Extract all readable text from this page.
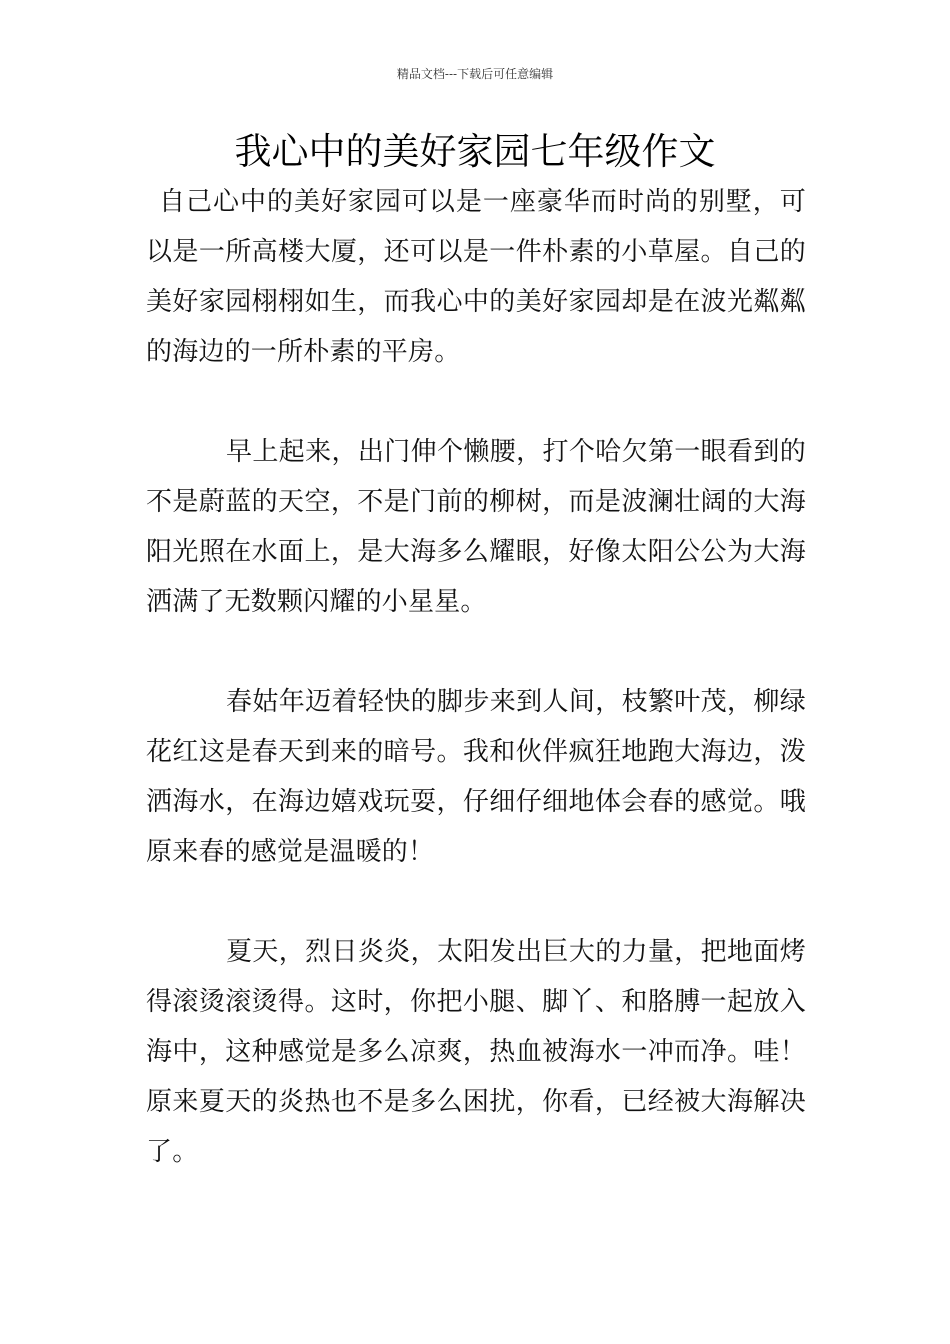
精品文档---下载后可任意编辑
我心中的美好家园七年级作文

自己心中的美好家园可以是一座豪华而时尚的别墅，可以是一所高楼大厦，还可以是一件朴素的小草屋。自己的美好家园栩栩如生，而我心中的美好家园却是在波光粼粼的海边的一所朴素的平房。

早上起来，出门伸个懒腰，打个哈欠第一眼看到的不是蔚蓝的天空，不是门前的柳树，而是波澜壮阔的大海阳光照在水面上，是大海多么耀眼，好像太阳公公为大海洒满了无数颗闪耀的小星星。

春姑年迈着轻快的脚步来到人间，枝繁叶茂，柳绿花红这是春天到来的暗号。我和伙伴疯狂地跑大海边，泼洒海水，在海边嬉戏玩耍，仔细仔细地体会春的感觉。哦原来春的感觉是温暖的！

夏天，烈日炎炎，太阳发出巨大的力量，把地面烤得滚烫滚烫得。这时，你把小腿、脚丫、和胳膊一起放入海中，这种感觉是多么凉爽，热血被海水一冲而净。哇！原来夏天的炎热也不是多么困扰，你看，已经被大海解决了。
